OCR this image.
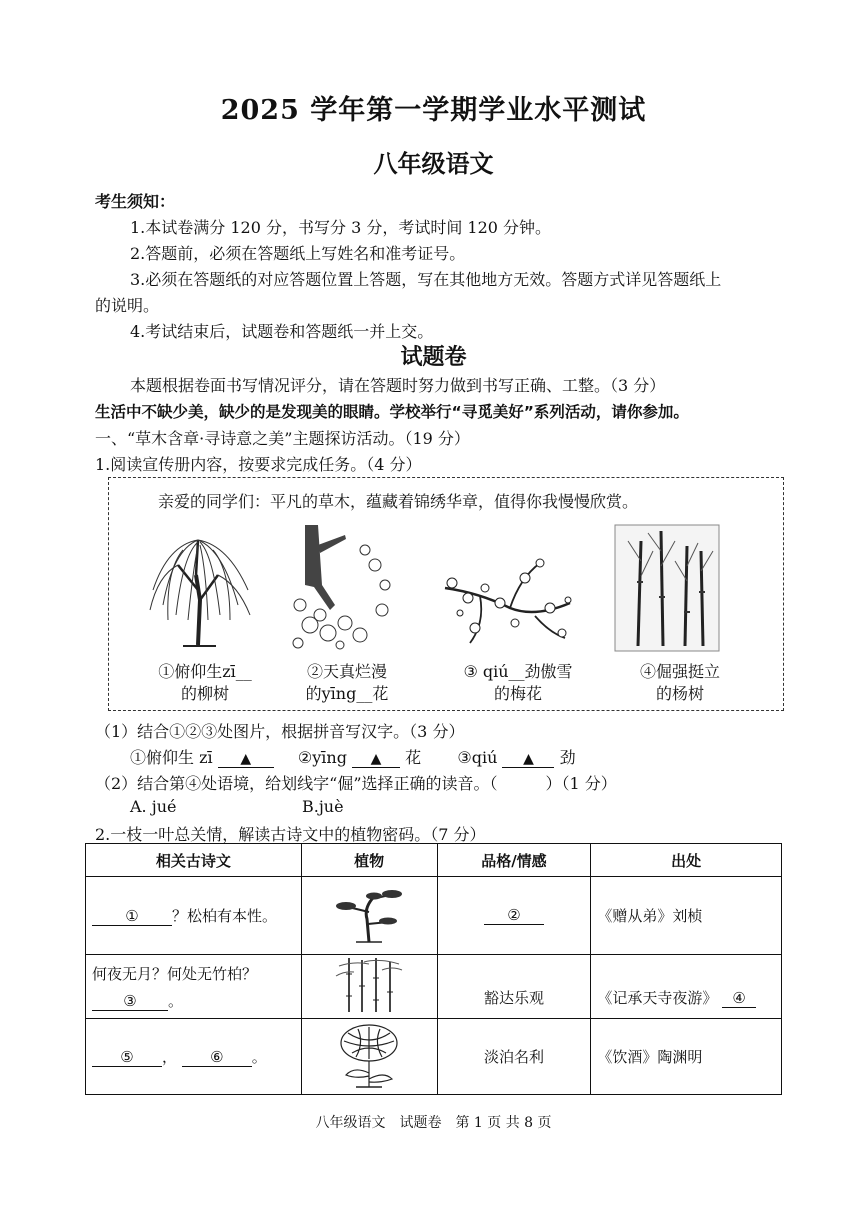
2025 学年第一学期学业水平测试
八年级语文
考生须知：
1.本试卷满分 120 分，书写分 3 分，考试时间 120 分钟。
2.答题前，必须在答题纸上写姓名和准考证号。
3.必须在答题纸的对应答题位置上答题，写在其他地方无效。答题方式详见答题纸上
的说明。
4.考试结束后，试题卷和答题纸一并上交。
试题卷
本题根据卷面书写情况评分，请在答题时努力做到书写正确、工整。（3 分）
生活中不缺少美，缺少的是发现美的眼睛。学校举行“寻觅美好”系列活动，请你参加。
一、“草木含章·寻诗意之美”主题探访活动。（19 分）
1.阅读宣传册内容，按要求完成任务。（4 分）
亲爱的同学们：平凡的草木，蕴藏着锦绣华章，值得你我慢慢欣赏。
①俯仰生zī__
的柳树
②天真烂漫
的yīng__花
③ qiú__劲傲雪
的梅花
④倔强挺立
的杨树
（1）结合①②③处图片，根据拼音写汉字。（3 分）
①俯仰生 zī ▲	②yīng ▲ 花 ③qiú ▲ 劲
（2）结合第④处语境，给划线字“倔”选择正确的读音。（　　　）（1 分）
A. jué	B.juè
2.一枝一叶总关情，解读古诗文中的植物密码。（7 分）
相关古诗文	植物	品格/情感	出处
① ？松柏有本性。		②	《赠从弟》刘桢

何夜无月？何处无竹柏？
③ 。		豁达乐观	《记承天寺夜游》 ④
⑤ ， ⑥ 。		淡泊名利	《饮酒》陶渊明
八年级语文　试题卷　第 1 页 共 8 页
